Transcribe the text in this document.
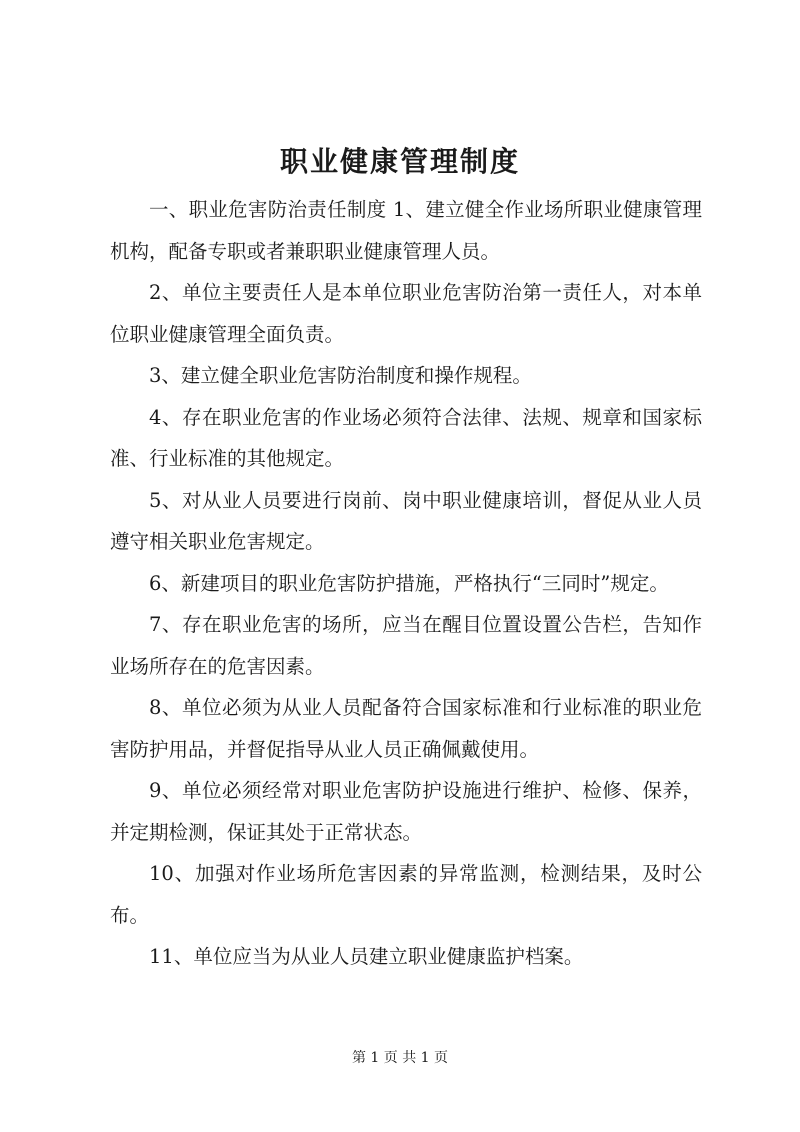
职业健康管理制度

一、职业危害防治责任制度 1、建立健全作业场所职业健康管理机构，配备专职或者兼职职业健康管理人员。

2、单位主要责任人是本单位职业危害防治第一责任人，对本单位职业健康管理全面负责。

3、建立健全职业危害防治制度和操作规程。

4、存在职业危害的作业场必须符合法律、法规、规章和国家标准、行业标准的其他规定。

5、对从业人员要进行岗前、岗中职业健康培训，督促从业人员遵守相关职业危害规定。

6、新建项目的职业危害防护措施，严格执行“三同时”规定。

7、存在职业危害的场所，应当在醒目位置设置公告栏，告知作业场所存在的危害因素。

8、单位必须为从业人员配备符合国家标准和行业标准的职业危害防护用品，并督促指导从业人员正确佩戴使用。

9、单位必须经常对职业危害防护设施进行维护、检修、保养，并定期检测，保证其处于正常状态。

10、加强对作业场所危害因素的异常监测，检测结果，及时公布。

11、单位应当为从业人员建立职业健康监护档案。

第 1 页 共 1 页
